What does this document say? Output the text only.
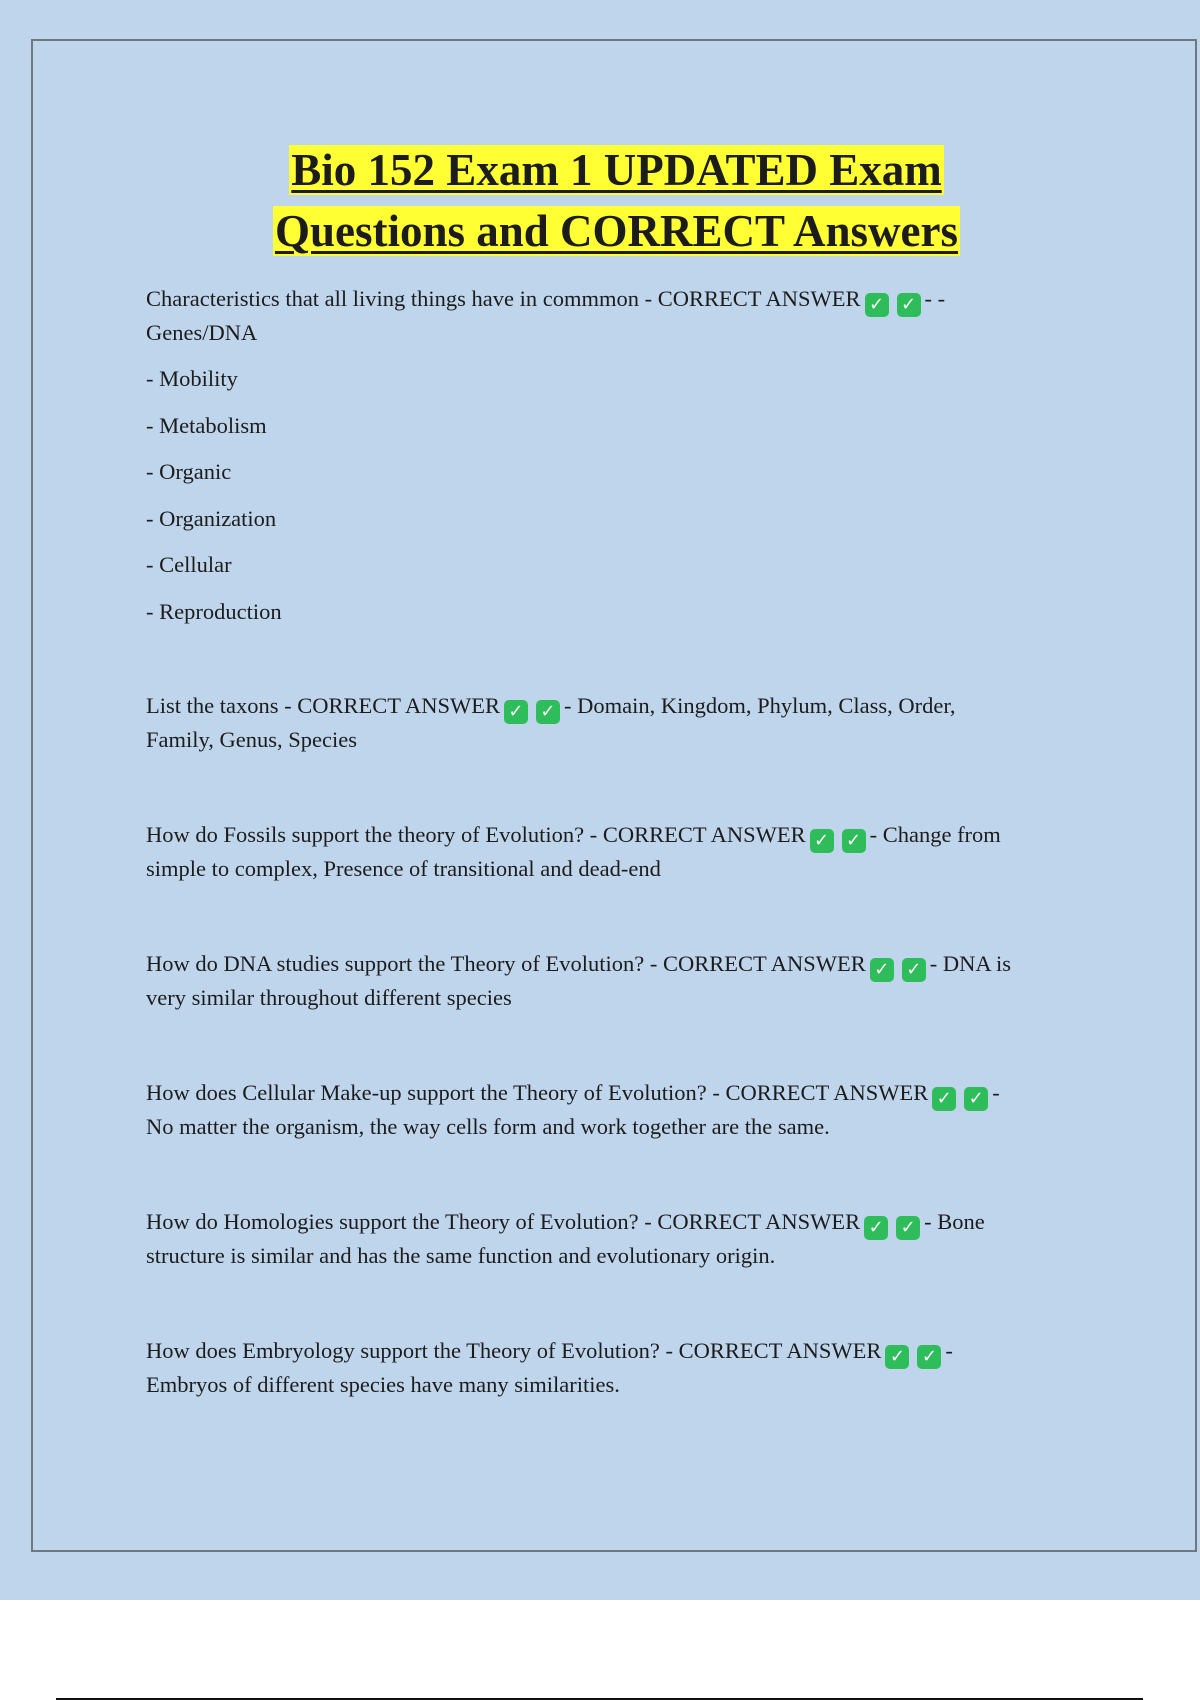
Bio 152 Exam 1 UPDATED Exam
Questions and CORRECT Answers

Characteristics that all living things have in commmon - CORRECT ANSWER ✓ ✓ - -

Genes/DNA

- Mobility

- Metabolism

- Organic

- Organization

- Cellular

- Reproduction

List the taxons - CORRECT ANSWER ✓ ✓ - Domain, Kingdom, Phylum, Class, Order,
Family, Genus, Species
How do Fossils support the theory of Evolution? - CORRECT ANSWER ✓ ✓ - Change from
simple to complex, Presence of transitional and dead-end
How do DNA studies support the Theory of Evolution? - CORRECT ANSWER ✓ ✓ - DNA is
very similar throughout different species
How does Cellular Make-up support the Theory of Evolution? - CORRECT ANSWER ✓ ✓ -
No matter the organism, the way cells form and work together are the same.
How do Homologies support the Theory of Evolution? - CORRECT ANSWER ✓ ✓ - Bone
structure is similar and has the same function and evolutionary origin.
How does Embryology support the Theory of Evolution? - CORRECT ANSWER ✓ ✓ -
Embryos of different species have many similarities.
